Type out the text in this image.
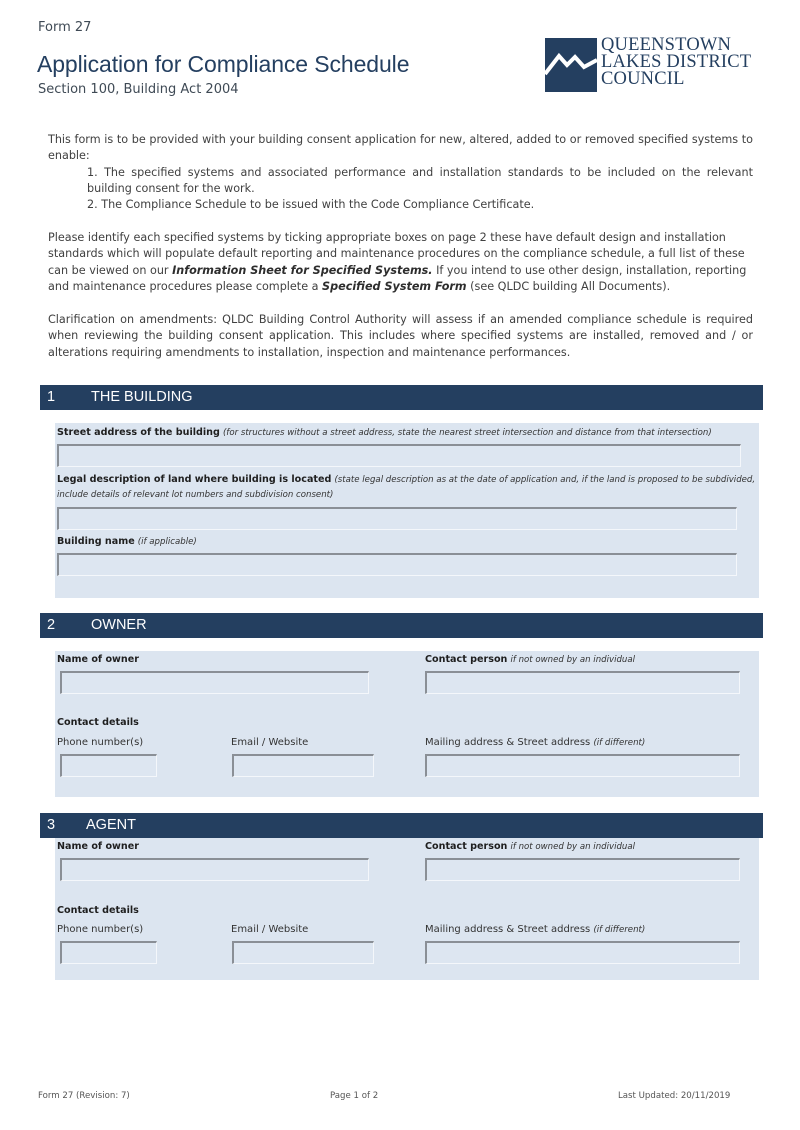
Form 27
Application for Compliance Schedule
Section 100, Building Act 2004
QUEENSTOWN
LAKES DISTRICT
COUNCIL

This form is to be provided with your building consent application for new, altered, added to or removed specified systems to enable:

1. The specified systems and associated performance and installation standards to be included on the relevant building consent for the work.

2. The Compliance Schedule to be issued with the Code Compliance Certificate.

Please identify each specified systems by ticking appropriate boxes on page 2 these have default design and installation standards which will populate default reporting and maintenance procedures on the compliance schedule, a full list of these can be viewed on our Information Sheet for Specified Systems. If you intend to use other design, installation, reporting and maintenance procedures please complete a Specified System Form (see QLDC building All Documents).

Clarification on amendments: QLDC Building Control Authority will assess if an amended compliance schedule is required when reviewing the building consent application. This includes where specified systems are installed, removed and / or alterations requiring amendments to installation, inspection and maintenance performances.

1 THE BUILDING
Street address of the building (for structures without a street address, state the nearest street intersection and distance from that intersection)
Legal description of land where building is located (state legal description as at the date of application and, if the land is proposed to be subdivided,
include details of relevant lot numbers and subdivision consent)
Building name (if applicable)
2 OWNER
Name of owner	Contact person if not owned by an individual
Contact details
Phone number(s)	Email / Website	Mailing address & Street address (if different)
3 AGENT
Name of owner	Contact person if not owned by an individual
Contact details
Phone number(s)	Email / Website	Mailing address & Street address (if different)
Form 27 (Revision: 7)	Page 1 of 2	Last Updated: 20/11/2019
